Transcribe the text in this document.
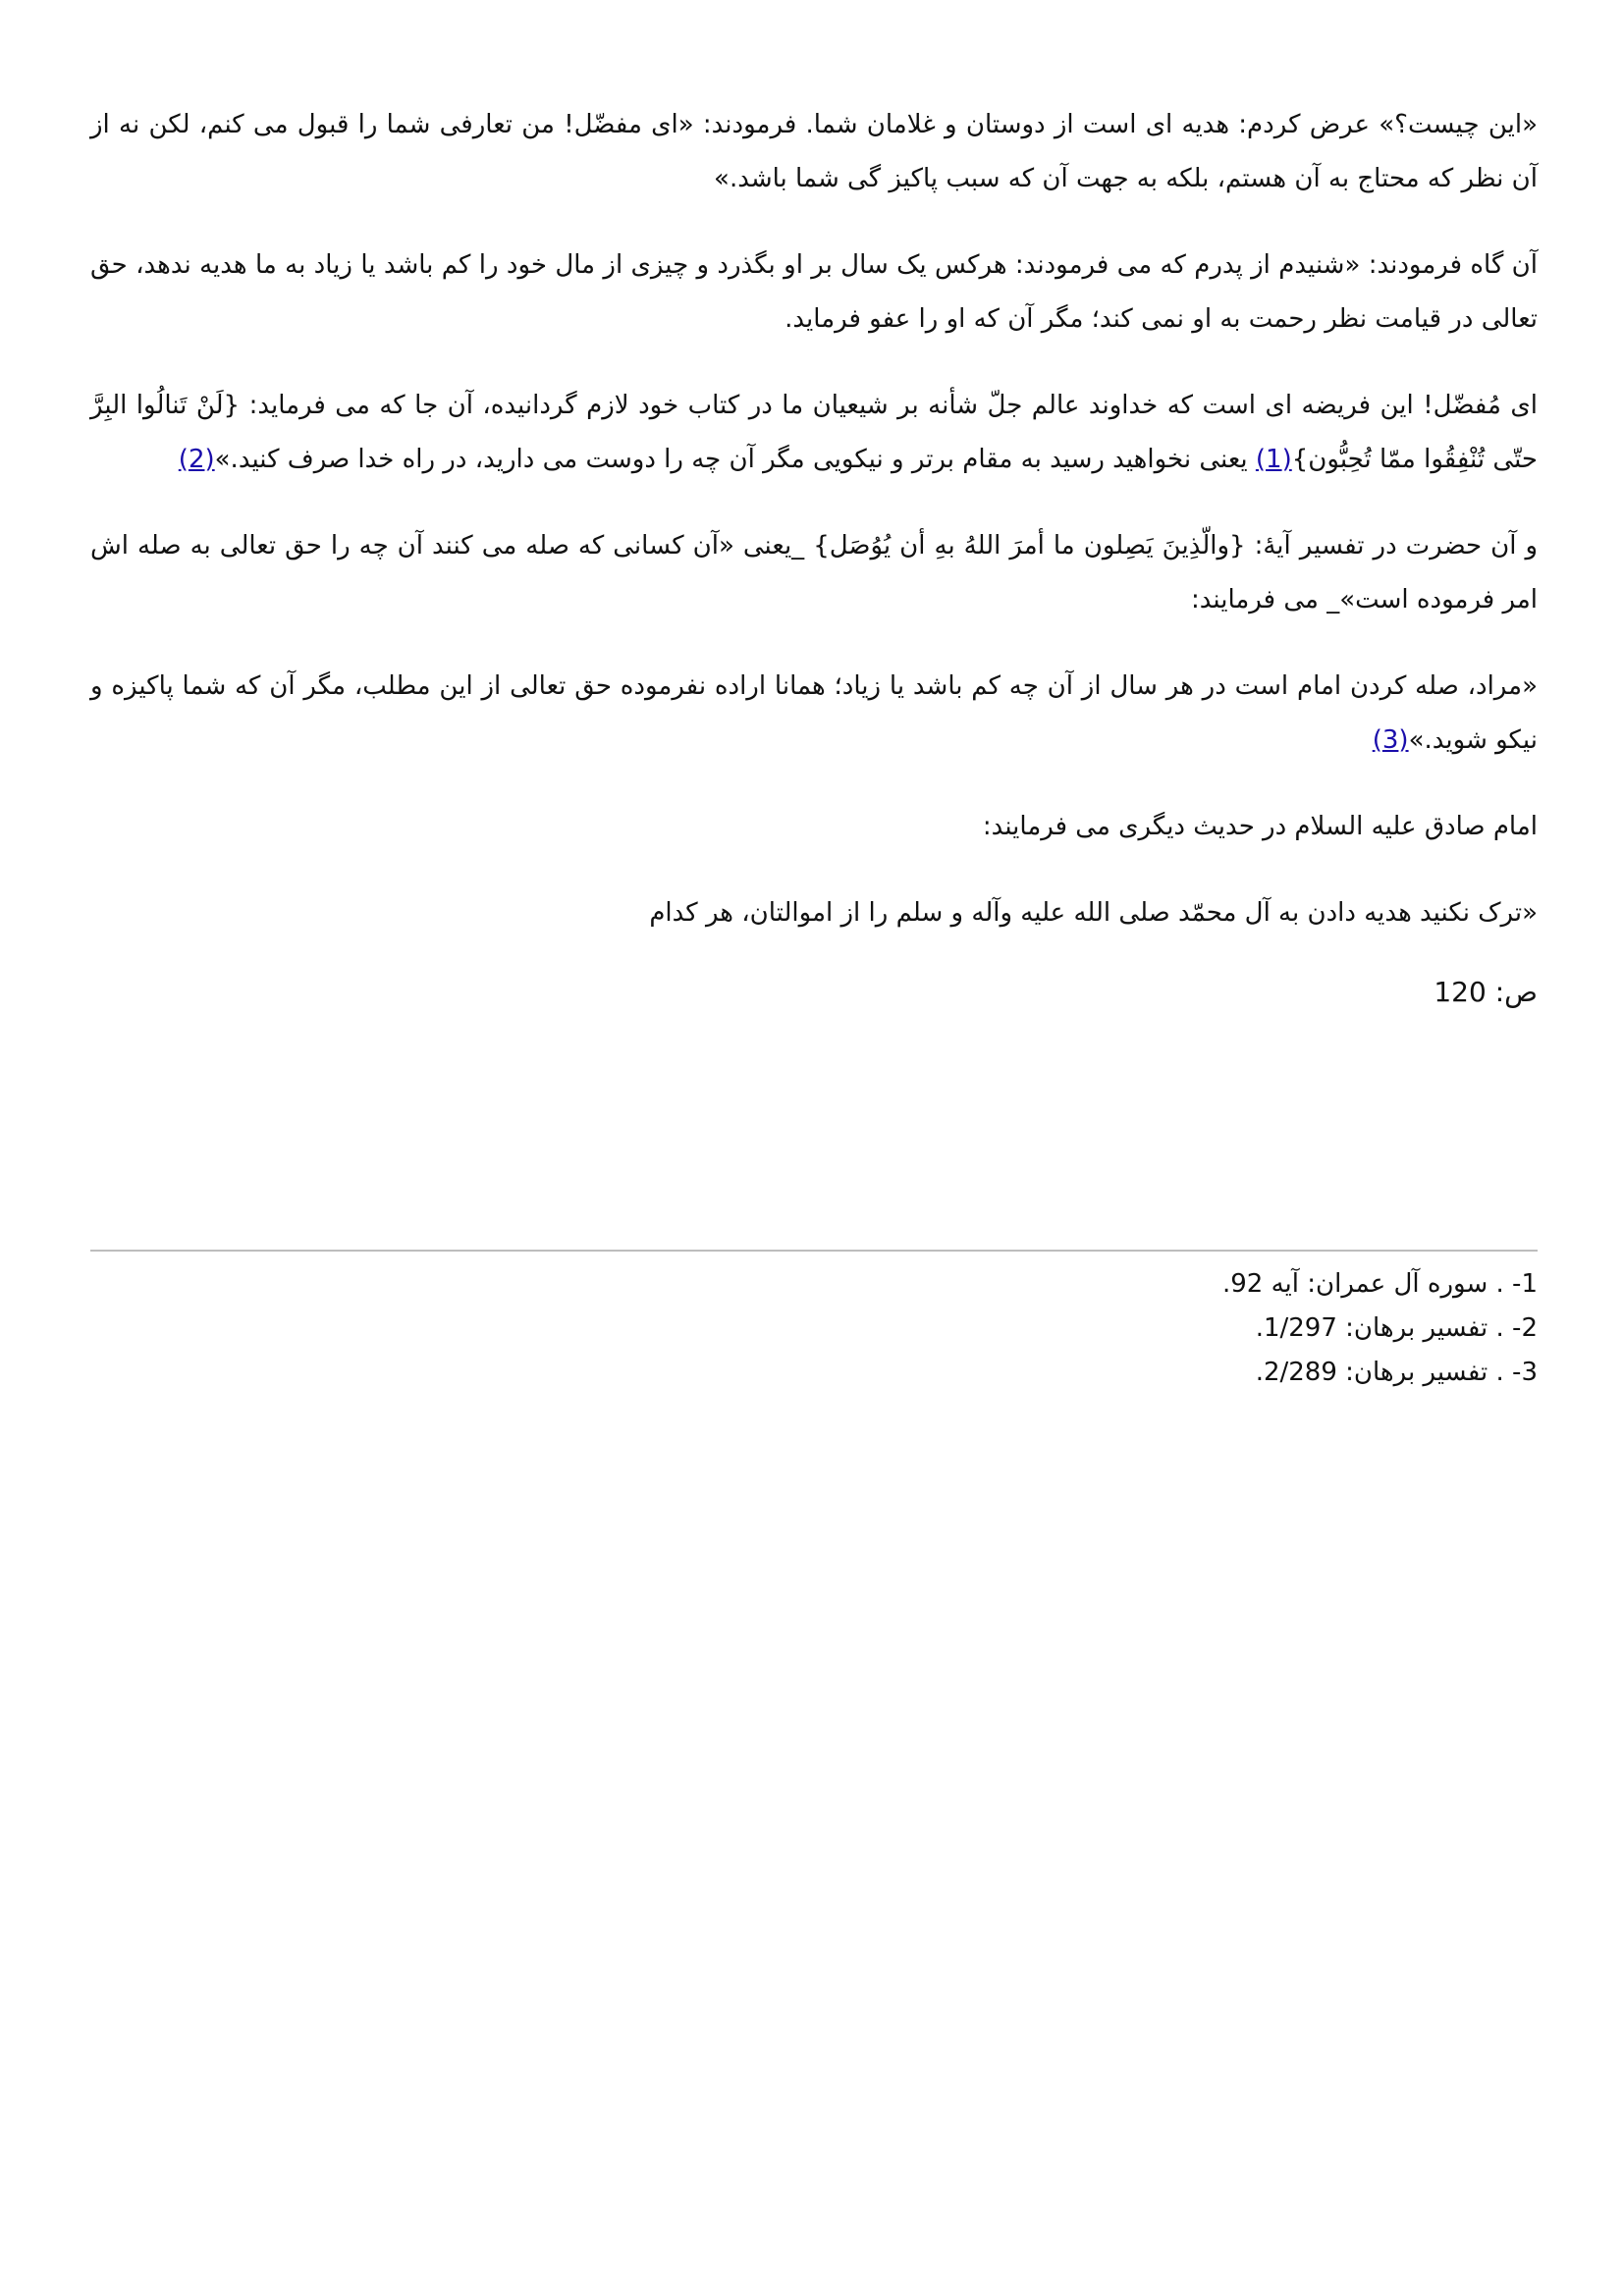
«این چیست؟» عرض کردم: هدیه ای است از دوستان و غلامان شما. فرمودند: «ای مفضّل! من تعارفی شما را قبول می کنم، لکن نه از آن نظر که محتاج به آن هستم، بلکه به جهت آن که سبب پاکیز گی شما باشد.»

آن گاه فرمودند: «شنیدم از پدرم که می فرمودند: هرکس یک سال بر او بگذرد و چیزی از مال خود را کم باشد یا زیاد به ما هدیه ندهد، حق تعالی در قیامت نظر رحمت به او نمی کند؛ مگر آن که او را عفو فرماید.

ای مُفضّل! این فریضه ای است که خداوند عالم جلّ شأنه بر شیعیان ما در کتاب خود لازم گردانیده، آن جا که می فرماید: {لَنْ تَنالُوا البِرَّ حتّی تُنْفِقُوا ممّا تُحِبُّون}(1) یعنی نخواهید رسید به مقام برتر و نیکویی مگر آن چه را دوست می دارید، در راه خدا صرف کنید.»(2)

و آن حضرت در تفسیر آیهٔ: {والّذِینَ یَصِلون ما أمرَ اللهُ بهِ أن یُوُصَل} _یعنی «آن کسانی که صله می کنند آن چه را حق تعالی به صله اش امر فرموده است»_ می فرمایند:

«مراد، صله کردن امام است در هر سال از آن چه کم باشد یا زیاد؛ همانا اراده نفرموده حق تعالی از این مطلب، مگر آن که شما پاکیزه و نیکو شوید.»(3)

امام صادق علیه السلام در حدیث دیگری می فرمایند:

«ترک نکنید هدیه دادن به آل محمّد صلی الله علیه وآله و سلم را از اموالتان، هر کدام

ص: 120

1- . سوره آل عمران: آیه 92.

2- . تفسیر برهان: 1/297.

3- . تفسیر برهان: 2/289.
